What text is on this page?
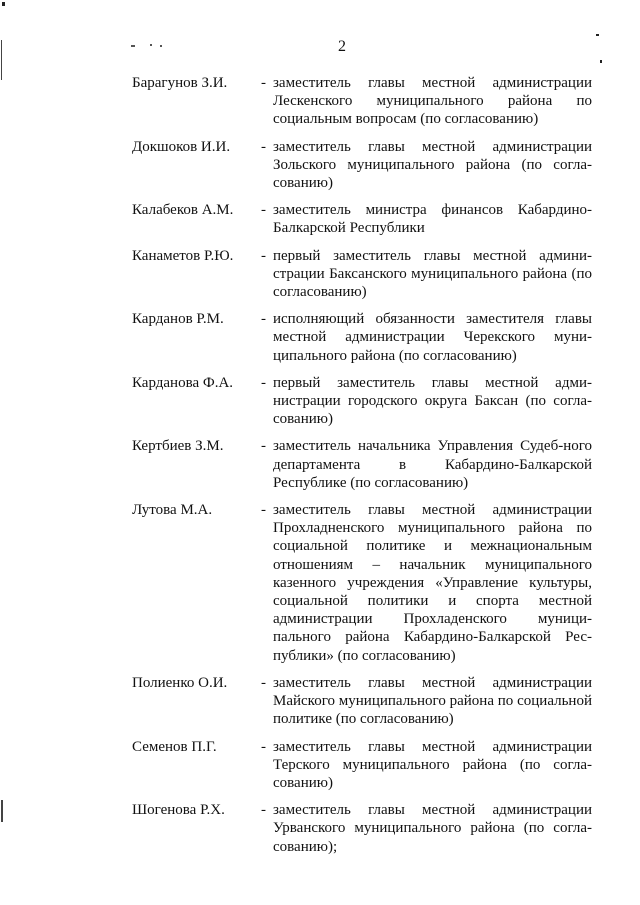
2
Барагунов З.И.	- заместитель главы местной администрации Лескенского муниципального района по социальным вопросам (по согласованию)
Докшоков И.И.	- заместитель главы местной администрации Зольского муниципального района (по согла-сованию)
Калабеков А.М.	- заместитель министра финансов Кабардино-Балкарской Республики
Канаметов Р.Ю.	- первый заместитель главы местной админи-страции Баксанского муниципального района (по согласованию)
Карданов Р.М.	- исполняющий обязанности заместителя главы местной администрации Черекского муни-ципального района (по согласованию)
Карданова Ф.А.	- первый заместитель главы местной адми-нистрации городского округа Баксан (по согла-сованию)
Кертбиев З.М.	- заместитель начальника Управления Судеб-ного департамента в Кабардино-Балкарской Республике (по согласованию)
Лутова М.А.	- заместитель главы местной администрации Прохладненского муниципального района по социальной политике и межнациональным отношениям – начальник муниципального казенного учреждения «Управление культуры, социальной политики и спорта местной администрации Прохладенского муници-пального района Кабардино-Балкарской Рес-публики» (по согласованию)
Полиенко О.И.	- заместитель главы местной администрации Майского муниципального района по социальной политике (по согласованию)
Семенов П.Г.	- заместитель главы местной администрации Терского муниципального района (по согла-сованию)
Шогенова Р.Х.	- заместитель главы местной администрации Урванского муниципального района (по согла-сованию);
